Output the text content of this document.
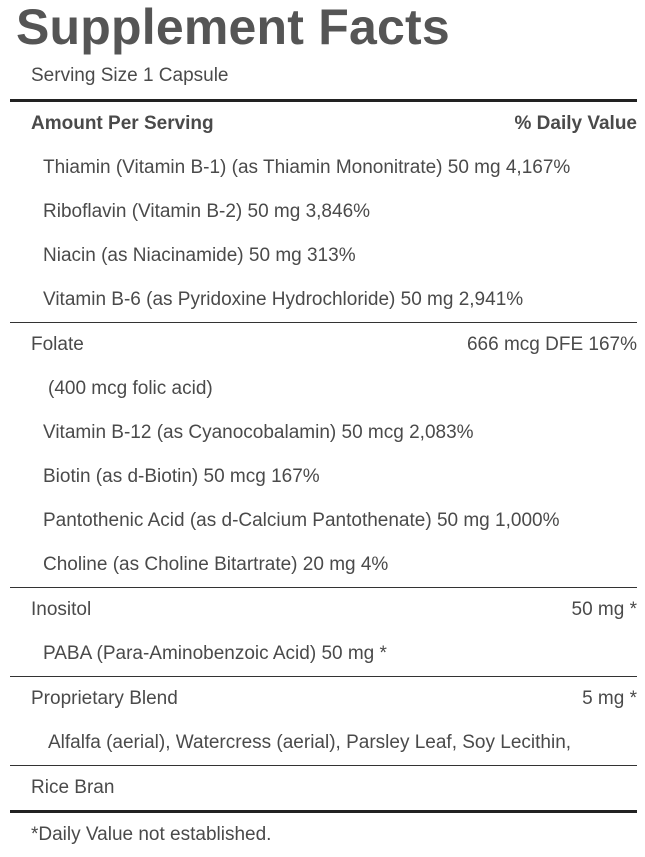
Supplement Facts
Serving Size 1 Capsule
Amount Per Serving	% Daily Value
Thiamin (Vitamin B-1) (as Thiamin Mononitrate) 50 mg 4,167%
Riboflavin (Vitamin B-2) 50 mg 3,846%
Niacin (as Niacinamide) 50 mg 313%
Vitamin B-6 (as Pyridoxine Hydrochloride) 50 mg 2,941%
Folate	666 mcg DFE 167%
(400 mcg folic acid)
Vitamin B-12 (as Cyanocobalamin) 50 mcg 2,083%
Biotin (as d-Biotin) 50 mcg 167%
Pantothenic Acid (as d-Calcium Pantothenate) 50 mg 1,000%
Choline (as Choline Bitartrate) 20 mg 4%
Inositol	50 mg *
PABA (Para-Aminobenzoic Acid) 50 mg *
Proprietary Blend	5 mg *
Alfalfa (aerial), Watercress (aerial), Parsley Leaf, Soy Lecithin,
Rice Bran
*Daily Value not established.
